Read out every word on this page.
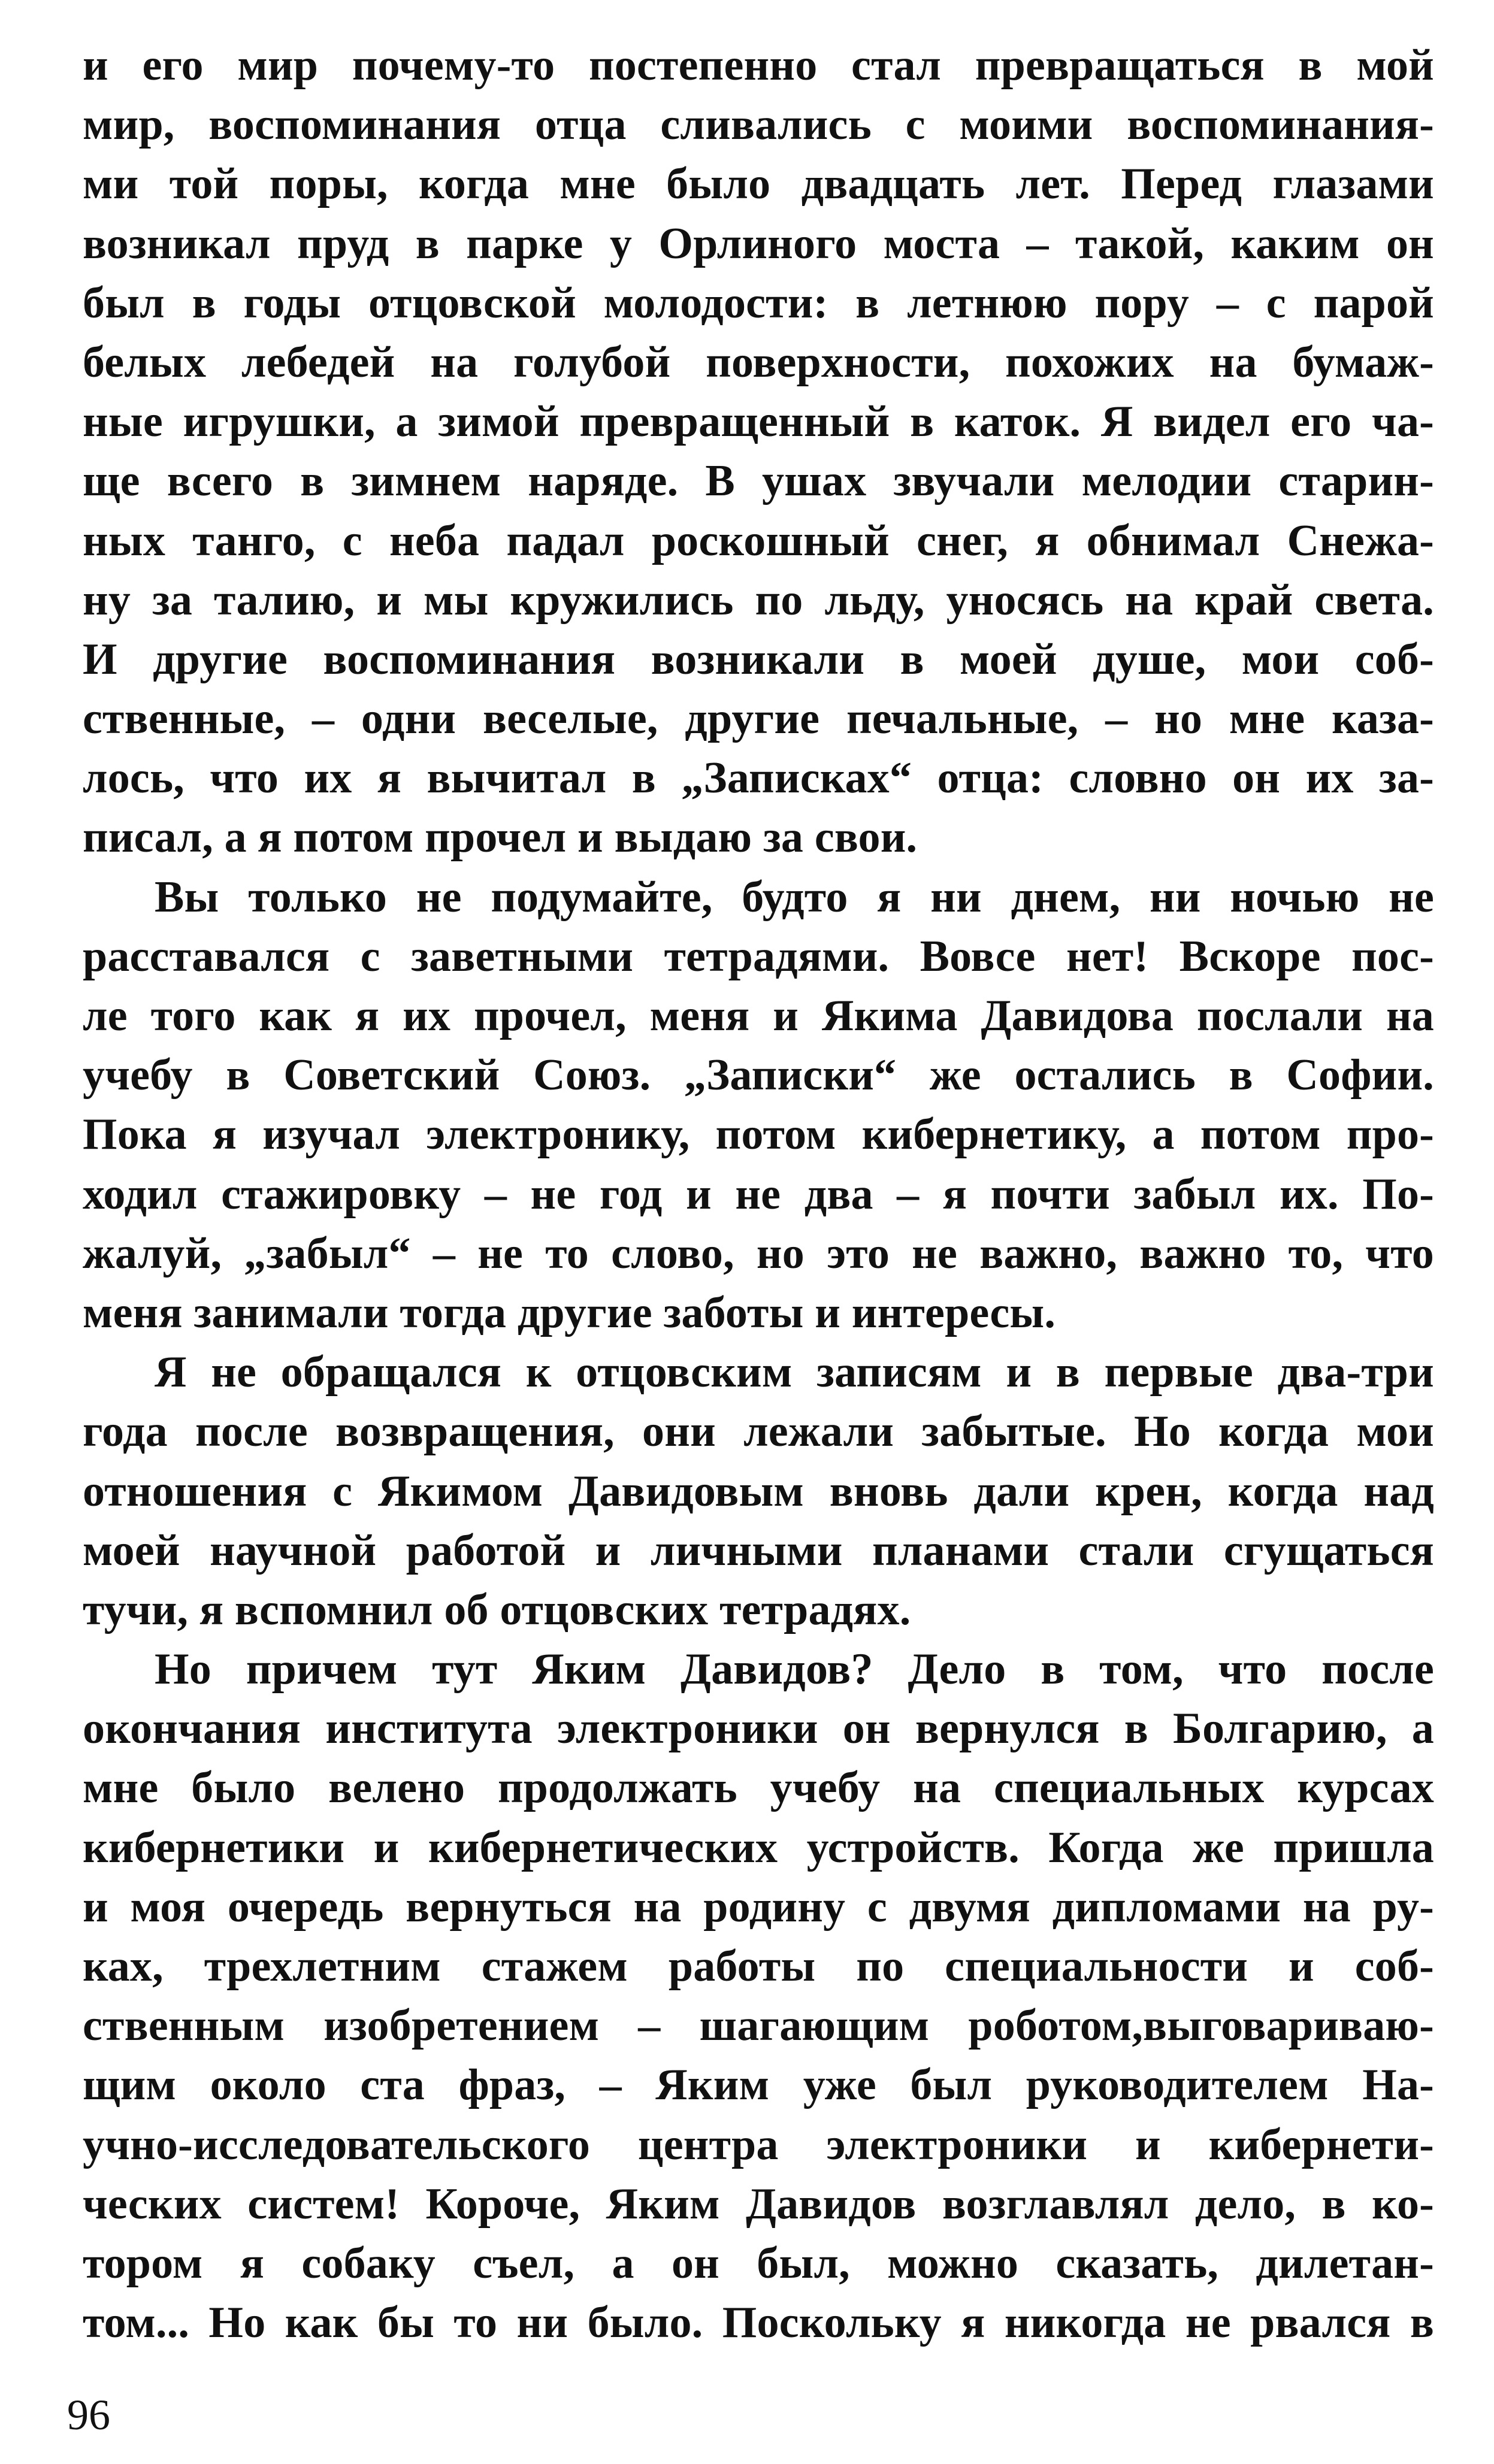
и его мир почему-то постепенно стал превращаться в мой
мир, воспоминания отца сливались с моими воспоминания-
ми той поры, когда мне было двадцать лет. Перед глазами
возникал пруд в парке у Орлиного моста – такой, каким он
был в годы отцовской молодости: в летнюю пору – с парой
белых лебедей на голубой поверхности, похожих на бумаж-
ные игрушки, а зимой превращенный в каток. Я видел его ча-
ще всего в зимнем наряде. В ушах звучали мелодии старин-
ных танго, с неба падал роскошный снег, я обнимал Снежа-
ну за талию, и мы кружились по льду, уносясь на край света.
И другие воспоминания возникали в моей душе, мои соб-
ственные, – одни веселые, другие печальные, – но мне каза-
лось, что их я вычитал в „Записках“ отца: словно он их за-
писал, а я потом прочел и выдаю за свои.
Вы только не подумайте, будто я ни днем, ни ночью не
расставался с заветными тетрадями. Вовсе нет! Вскоре пос-
ле того как я их прочел, меня и Якима Давидова послали на
учебу в Советский Союз. „Записки“ же остались в Софии.
Пока я изучал электронику, потом кибернетику, а потом про-
ходил стажировку – не год и не два – я почти забыл их. По-
жалуй, „забыл“ – не то слово, но это не важно, важно то, что
меня занимали тогда другие заботы и интересы.
Я не обращался к отцовским записям и в первые два-три
года после возвращения, они лежали забытые. Но когда мои
отношения с Якимом Давидовым вновь дали крен, когда над
моей научной работой и личными планами стали сгущаться
тучи, я вспомнил об отцовских тетрадях.
Но причем тут Яким Давидов? Дело в том, что после
окончания института электроники он вернулся в Болгарию, а
мне было велено продолжать учебу на специальных курсах
кибернетики и кибернетических устройств. Когда же пришла
и моя очередь вернуться на родину с двумя дипломами на ру-
ках, трехлетним стажем работы по специальности и соб-
ственным изобретением – шагающим роботом,выговариваю-
щим около ста фраз, – Яким уже был руководителем На-
учно-исследовательского центра электроники и кибернети-
ческих систем! Короче, Яким Давидов возглавлял дело, в ко-
тором я собаку съел, а он был, можно сказать, дилетан-
том... Но как бы то ни было. Поскольку я никогда не рвался в
96
